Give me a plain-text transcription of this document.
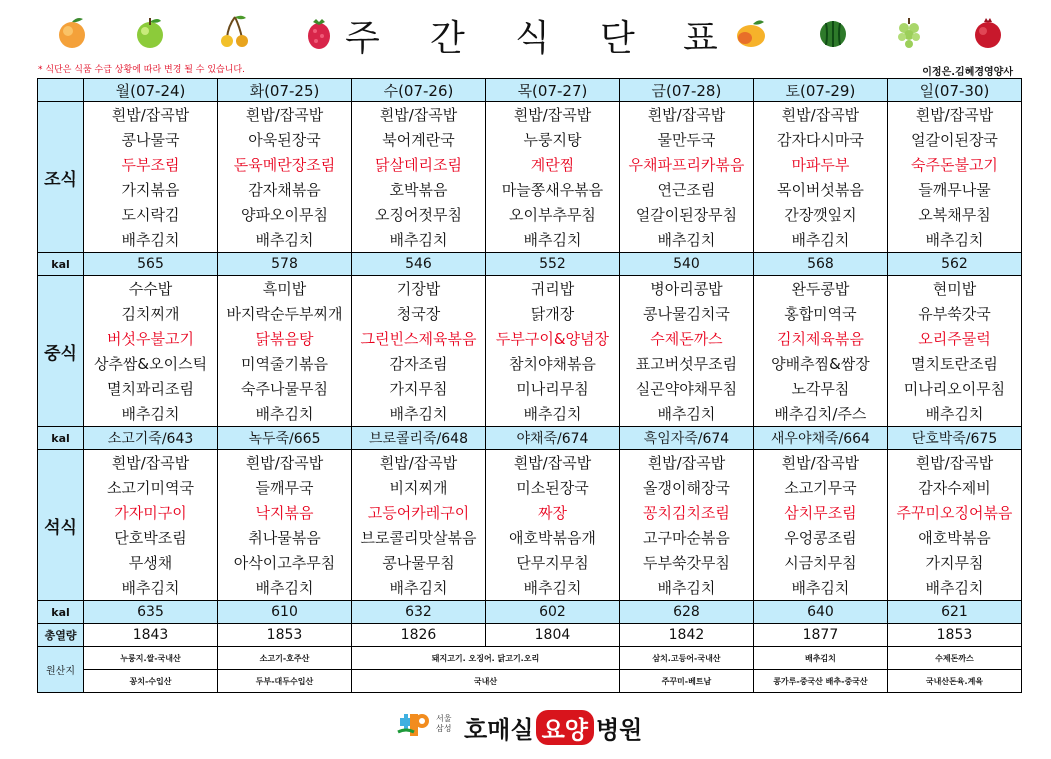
주 간 식 단 표
* 식단은 식품 수급 상황에 따라 변경 될 수 있습니다.	이정은.김혜경영양사
	월(07-24)	화(07-25)	수(07-26)	목(07-27)	금(07-28)	토(07-29)	일(07-30)
조식	흰밥/잡곡밥	흰밥/잡곡밥	흰밥/잡곡밥	흰밥/잡곡밥	흰밥/잡곡밥	흰밥/잡곡밥	흰밥/잡곡밥
	콩나물국	아욱된장국	북어계란국	누룽지탕	물만두국	감자다시마국	얼갈이된장국
	두부조림	돈육메란장조림	닭살데리조림	계란찜	우채파프리카볶음	마파두부	숙주돈불고기
	가지볶음	감자채볶음	호박볶음	마늘쫑새우볶음	연근조림	목이버섯볶음	들깨무나물
	도시락김	양파오이무침	오징어젓무침	오이부추무침	얼갈이된장무침	간장깻잎지	오복채무침
	배추김치	배추김치	배추김치	배추김치	배추김치	배추김치	배추김치
kal	565	578	546	552	540	568	562
중식	수수밥	흑미밥	기장밥	귀리밥	병아리콩밥	완두콩밥	현미밥
	김치찌개	바지락순두부찌개	청국장	닭개장	콩나물김치국	홍합미역국	유부쑥갓국
	버섯우불고기	닭볶음탕	그린빈스제육볶음	두부구이&양념장	수제돈까스	김치제육볶음	오리주물럭
	상추쌈&오이스틱	미역줄기볶음	감자조림	참치야채볶음	표고버섯무조림	양배추찜&쌈장	멸치토란조림
	멸치꽈리조림	숙주나물무침	가지무침	미나리무침	실곤약야채무침	노각무침	미나리오이무침
	배추김치	배추김치	배추김치	배추김치	배추김치	배추김치/주스	배추김치
kal	소고기죽/643	녹두죽/665	브로콜리죽/648	야채죽/674	흑임자죽/674	새우야채죽/664	단호박죽/675
석식	흰밥/잡곡밥	흰밥/잡곡밥	흰밥/잡곡밥	흰밥/잡곡밥	흰밥/잡곡밥	흰밥/잡곡밥	흰밥/잡곡밥
	소고기미역국	들깨무국	비지찌개	미소된장국	올갱이해장국	소고기무국	감자수제비
	가자미구이	낙지볶음	고등어카레구이	짜장	꽁치김치조림	삼치무조림	주꾸미오징어볶음
	단호박조림	취나물볶음	브로콜리맛살볶음	애호박볶음개	고구마순볶음	우엉콩조림	애호박볶음
	무생채	아삭이고추무침	콩나물무침	단무지무침	두부쑥갓무침	시금치무침	가지무침
	배추김치	배추김치	배추김치	배추김치	배추김치	배추김치	배추김치
kal	635	610	632	602	628	640	621
총열량	1843	1853	1826	1804	1842	1877	1853
원산지	누룽지.쌀-국내산	소고기-호주산	돼지고기. 오징어. 닭고기.오리		삼치.고등어-국내산	배추김치	수제돈까스
	꽁치-수입산	두부-대두수입산	국내산		주꾸미-베트남	콩가루-중국산 배추-중국산	국내산돈육.계육
서울
삼성 호매실 요양 병원
